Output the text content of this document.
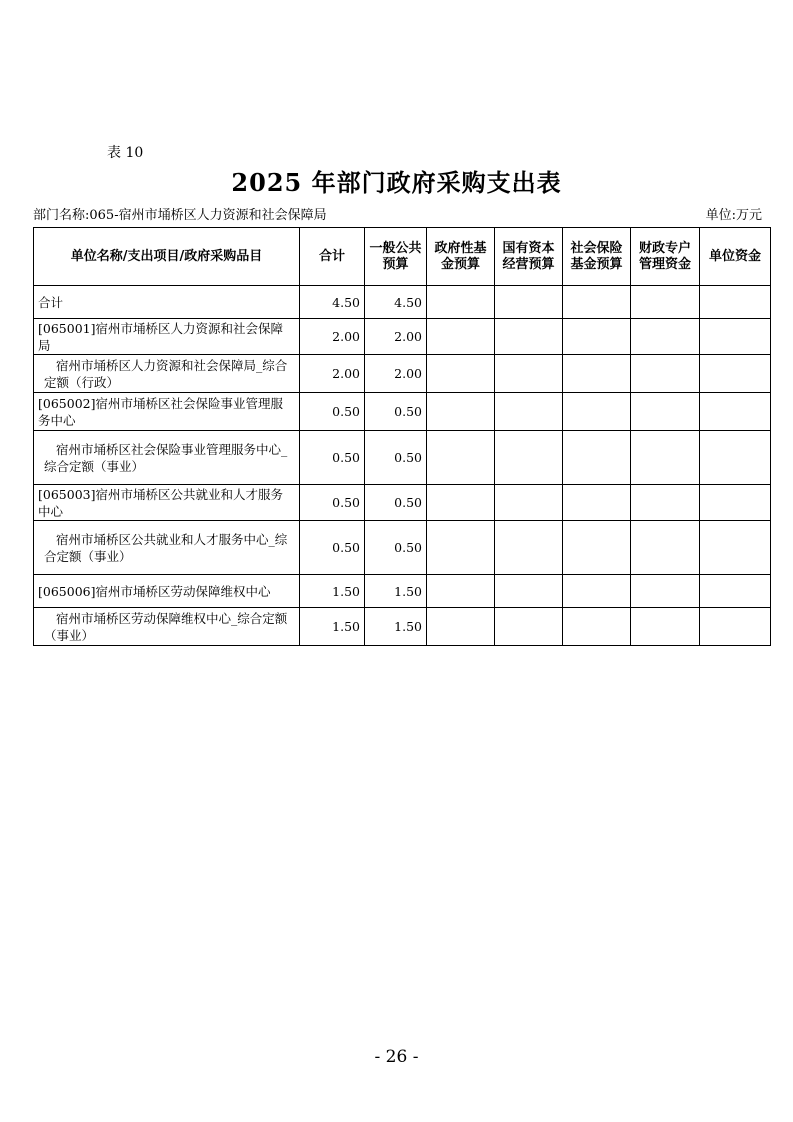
表 10
2025 年部门政府采购支出表
部门名称:065-宿州市埇桥区人力资源和社会保障局	单位:万元
单位名称/支出项目/政府采购品目	合计	一般公共预算	政府性基金预算	国有资本经营预算	社会保险基金预算	财政专户管理资金	单位资金
合计	4.50	4.50					
[065001]宿州市埇桥区人力资源和社会保障局	2.00	2.00					
宿州市埇桥区人力资源和社会保障局_综合定额（行政）	2.00	2.00					
[065002]宿州市埇桥区社会保险事业管理服务中心	0.50	0.50					
宿州市埇桥区社会保险事业管理服务中心_综合定额（事业）	0.50	0.50					
[065003]宿州市埇桥区公共就业和人才服务中心	0.50	0.50					
宿州市埇桥区公共就业和人才服务中心_综合定额（事业）	0.50	0.50					
[065006]宿州市埇桥区劳动保障维权中心	1.50	1.50					
宿州市埇桥区劳动保障维权中心_综合定额（事业）	1.50	1.50					
- 26 -
